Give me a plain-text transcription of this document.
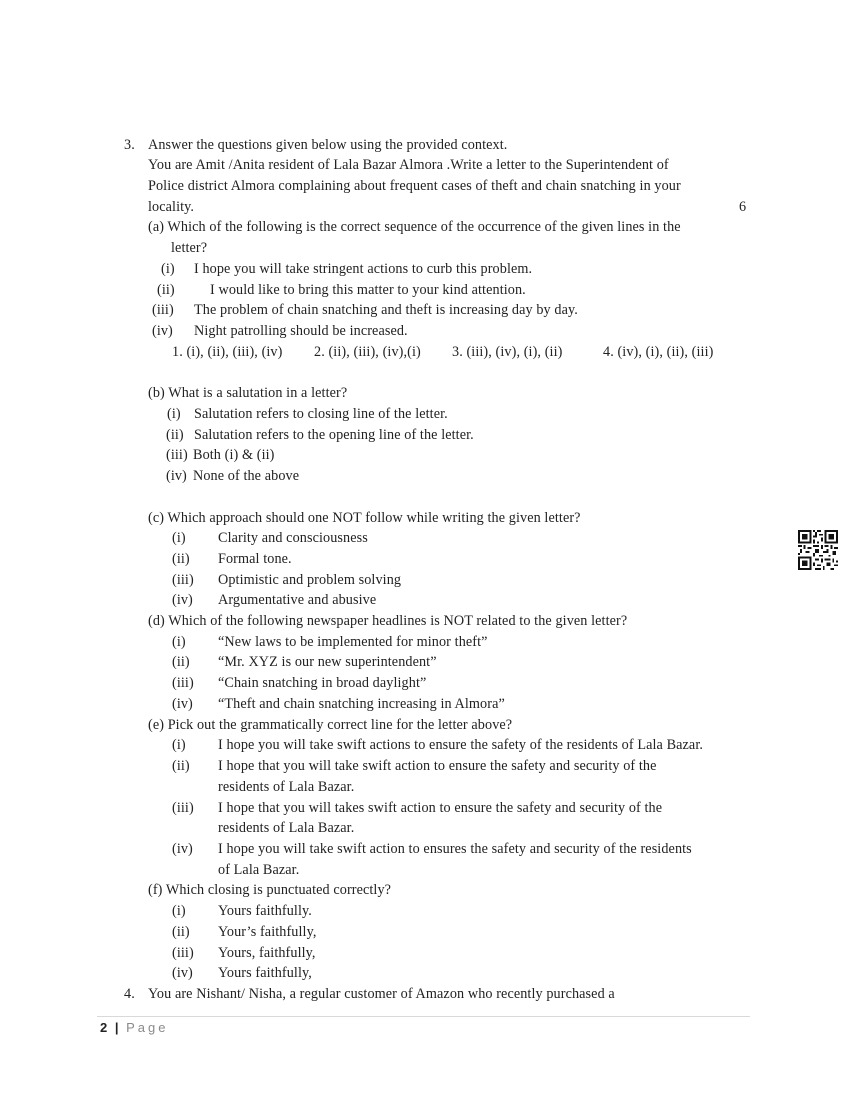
3. Answer the questions given below using the provided context.
You are Amit /Anita resident of Lala Bazar Almora .Write a letter to the Superintendent of
Police district Almora complaining about frequent cases of theft and chain snatching in your
locality.	6
(a) Which of the following is the correct sequence of the occurrence of the given lines in the
letter?
(i) I hope you will take stringent actions to curb this problem.
(ii) I would like to bring this matter to your kind attention.
(iii) The problem of chain snatching and theft is increasing day by day.
(iv) Night patrolling should be increased.
1. (i), (ii), (iii), (iv) 2. (ii), (iii), (iv),(i) 3. (iii), (iv), (i), (ii)	4. (iv), (i), (ii), (iii)
(b) What is a salutation in a letter?
(i) Salutation refers to closing line of the letter.
(ii) Salutation refers to the opening line of the letter.
(iii) Both (i) & (ii)
(iv) None of the above
(c) Which approach should one NOT follow while writing the given letter?
(i) Clarity and consciousness
(ii) Formal tone.
(iii) Optimistic and problem solving
(iv) Argumentative and abusive
(d) Which of the following newspaper headlines is NOT related to the given letter?
(i) “New laws to be implemented for minor theft”
(ii) “Mr. XYZ is our new superintendent”
(iii) “Chain snatching in broad daylight”
(iv) “Theft and chain snatching increasing in Almora”
(e) Pick out the grammatically correct line for the letter above?
(i) I hope you will take swift actions to ensure the safety of the residents of Lala Bazar.
(ii) I hope that you will take swift action to ensure the safety and security of the
residents of Lala Bazar.
(iii) I hope that you will takes swift action to ensure the safety and security of the
residents of Lala Bazar.
(iv) I hope you will take swift action to ensures the safety and security of the residents
of Lala Bazar.
(f) Which closing is punctuated correctly?
(i) Yours faithfully.
(ii) Your’s faithfully,
(iii) Yours, faithfully,
(iv) Yours faithfully,
4. You are Nishant/ Nisha, a regular customer of Amazon who recently purchased a
2 | Page
